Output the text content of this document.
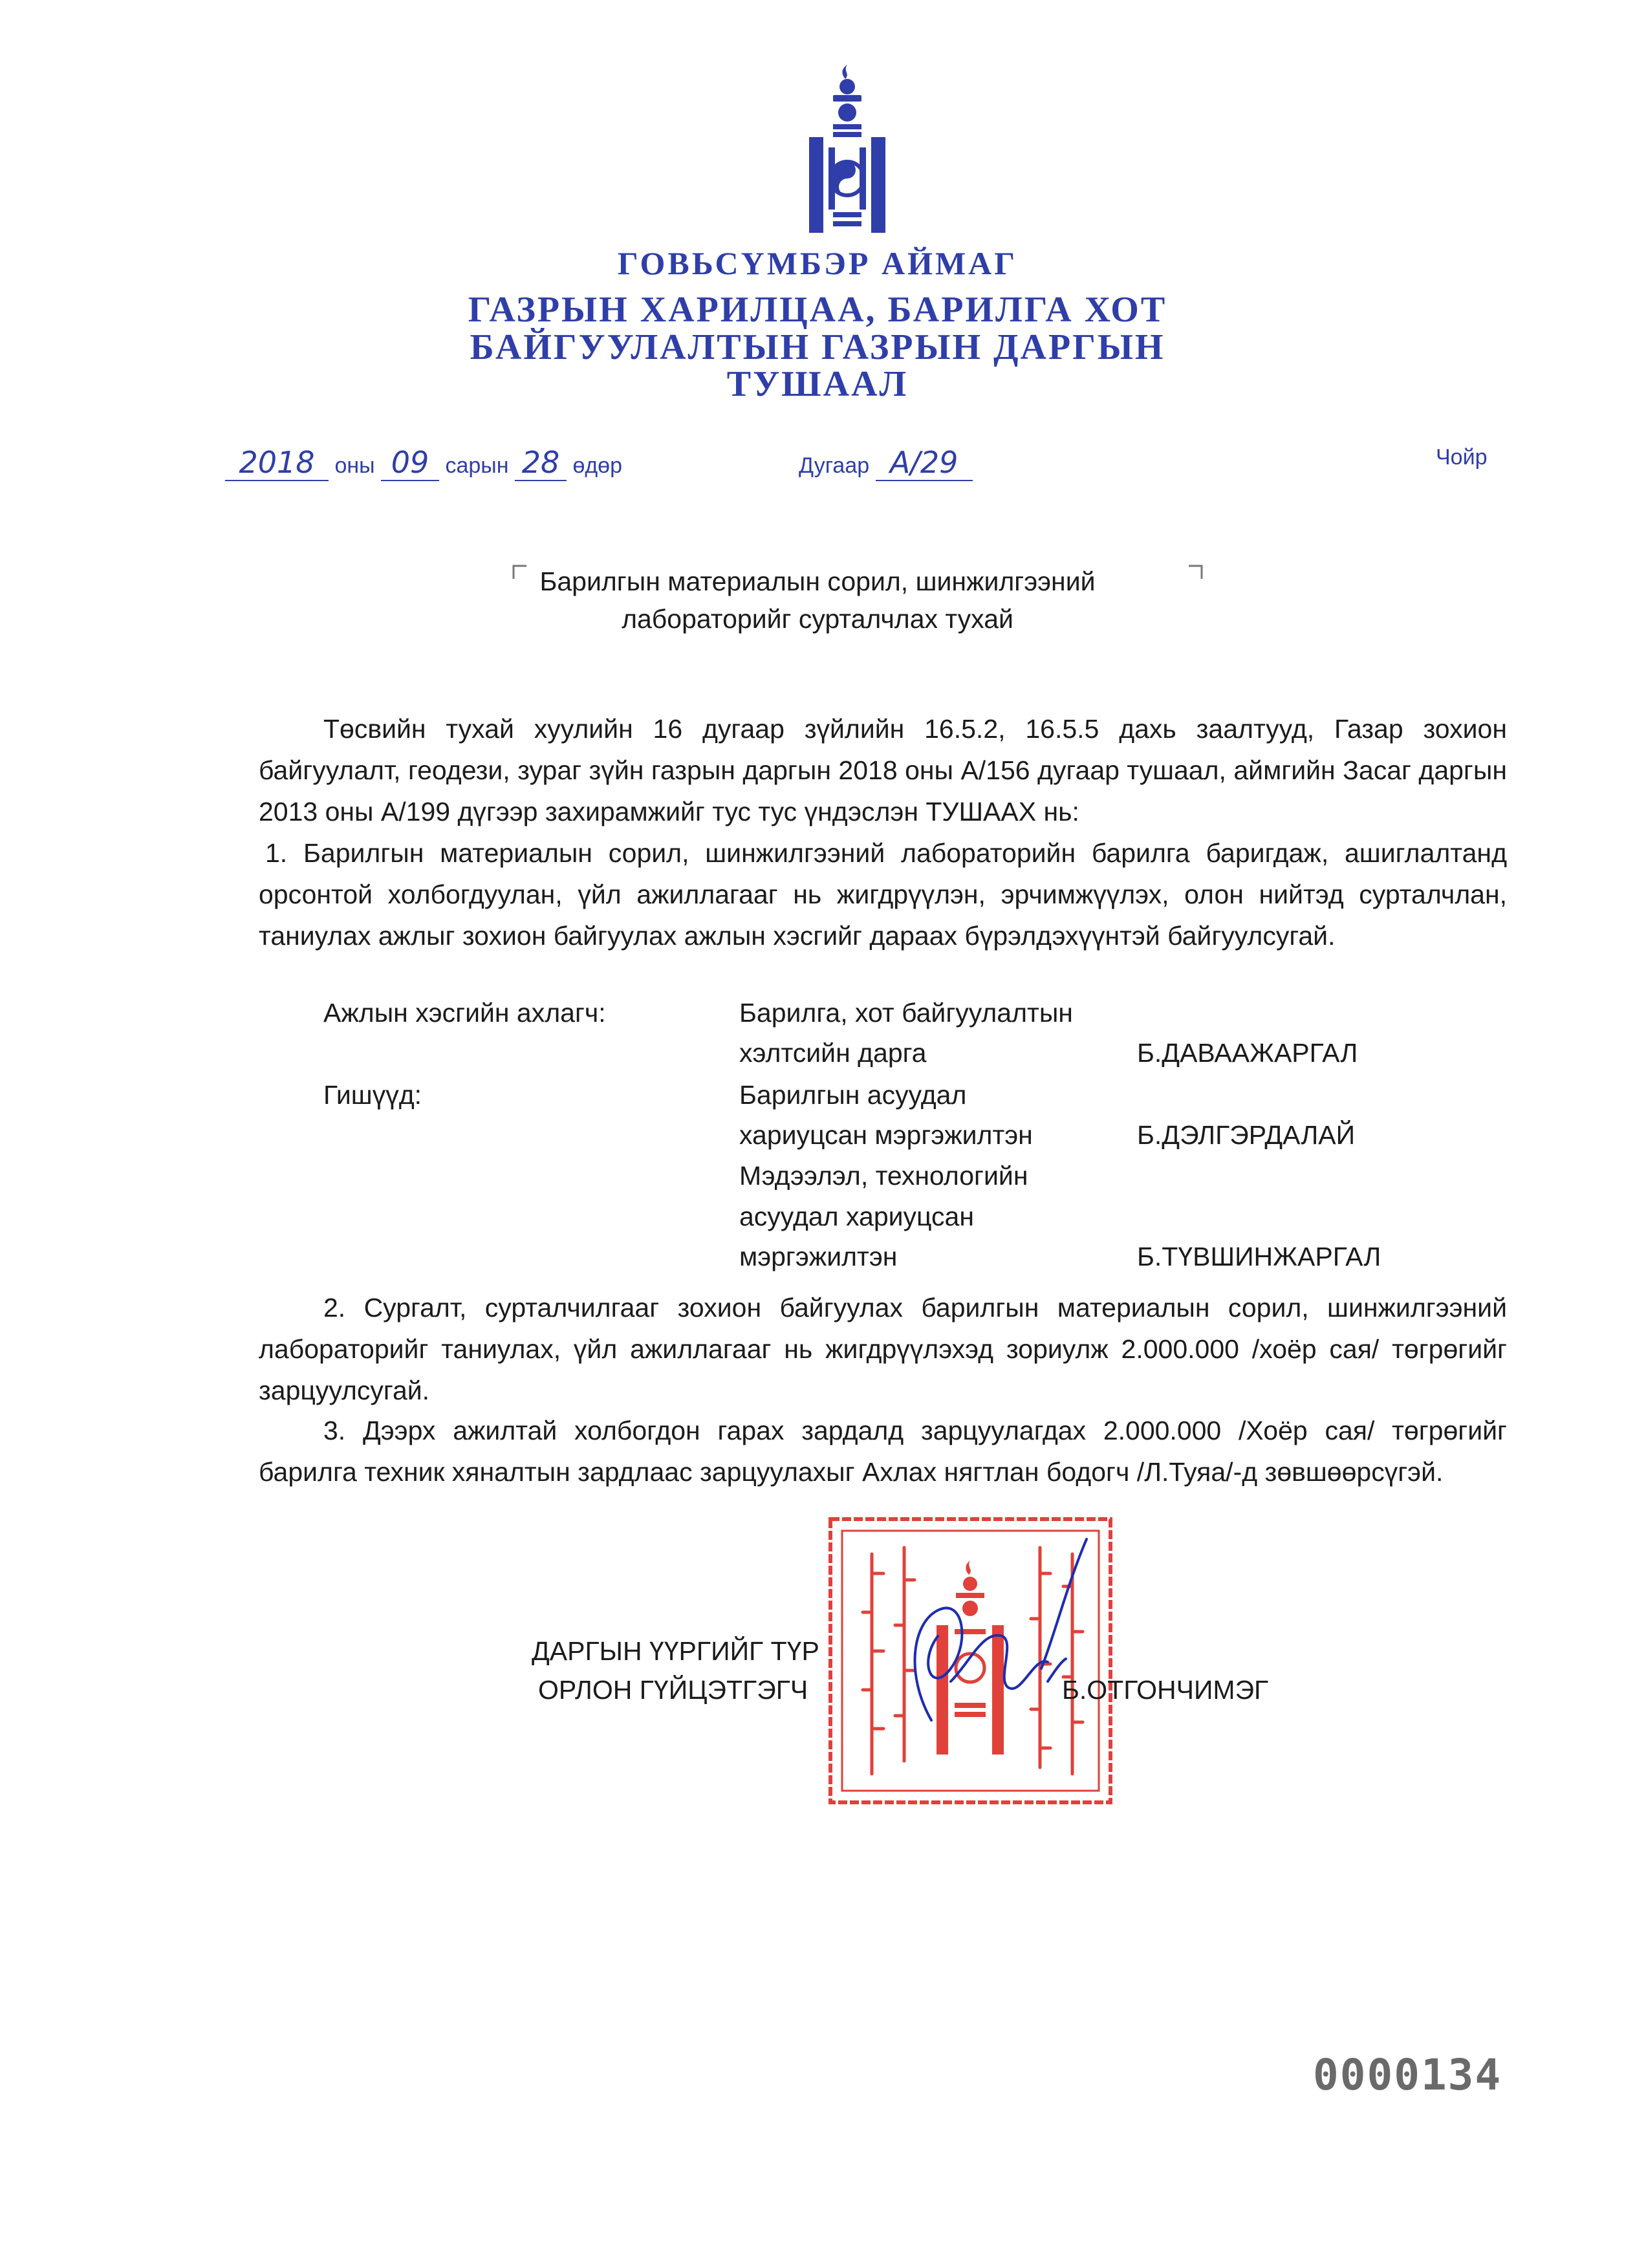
ГОВЬСҮМБЭР АЙМАГ
ГАЗРЫН ХАРИЛЦАА, БАРИЛГА ХОТ
БАЙГУУЛАЛТЫН ГАЗРЫН ДАРГЫН
ТУШААЛ
2018 оны 09 сарын 28 өдөр	Дугаар А/29	Чойр
Барилгын материалын сорил, шинжилгээний
лабораторийг сурталчлах тухай
Төсвийн тухай хуулийн 16 дугаар зүйлийн 16.5.2, 16.5.5 дахь заалтууд, Газар зохион байгуулалт, геодези, зураг зүйн газрын даргын 2018 оны А/156 дугаар тушаал, аймгийн Засаг даргын 2013 оны А/199 дүгээр захирамжийг тус тус үндэслэн ТУШААХ нь:
1. Барилгын материалын сорил, шинжилгээний лабораторийн барилга баригдаж, ашиглалтанд орсонтой холбогдуулан, үйл ажиллагааг нь жигдрүүлэн, эрчимжүүлэх, олон нийтэд сурталчлан, таниулах ажлыг зохион байгуулах ажлын хэсгийг дараах бүрэлдэхүүнтэй байгуулсугай.
Ажлын хэсгийн ахлагч:	Барилга, хот байгуулалтын
хэлтсийн дарга	Б.ДАВААЖАРГАЛ
Гишүүд:	Барилгын асуудал
хариуцсан мэргэжилтэн	Б.ДЭЛГЭРДАЛАЙ
Мэдээлэл, технологийн
асуудал хариуцсан
мэргэжилтэн	Б.ТҮВШИНЖАРГАЛ
2. Сургалт, сурталчилгааг зохион байгуулах барилгын материалын сорил, шинжилгээний лабораторийг таниулах, үйл ажиллагааг нь жигдрүүлэхэд зориулж 2.000.000 /хоёр сая/ төгрөгийг зарцуулсугай.
3. Дээрх ажилтай холбогдон гарах зардалд зарцуулагдах 2.000.000 /Хоёр сая/ төгрөгийг барилга техник хяналтын зардлаас зарцуулахыг Ахлах нягтлан бодогч /Л.Туяа/-д зөвшөөрсүгэй.
ДАРГЫН ҮҮРГИЙГ ТҮР
ОРЛОН ГҮЙЦЭТГЭГЧ	Б.ОТГОНЧИМЭГ
0000134
